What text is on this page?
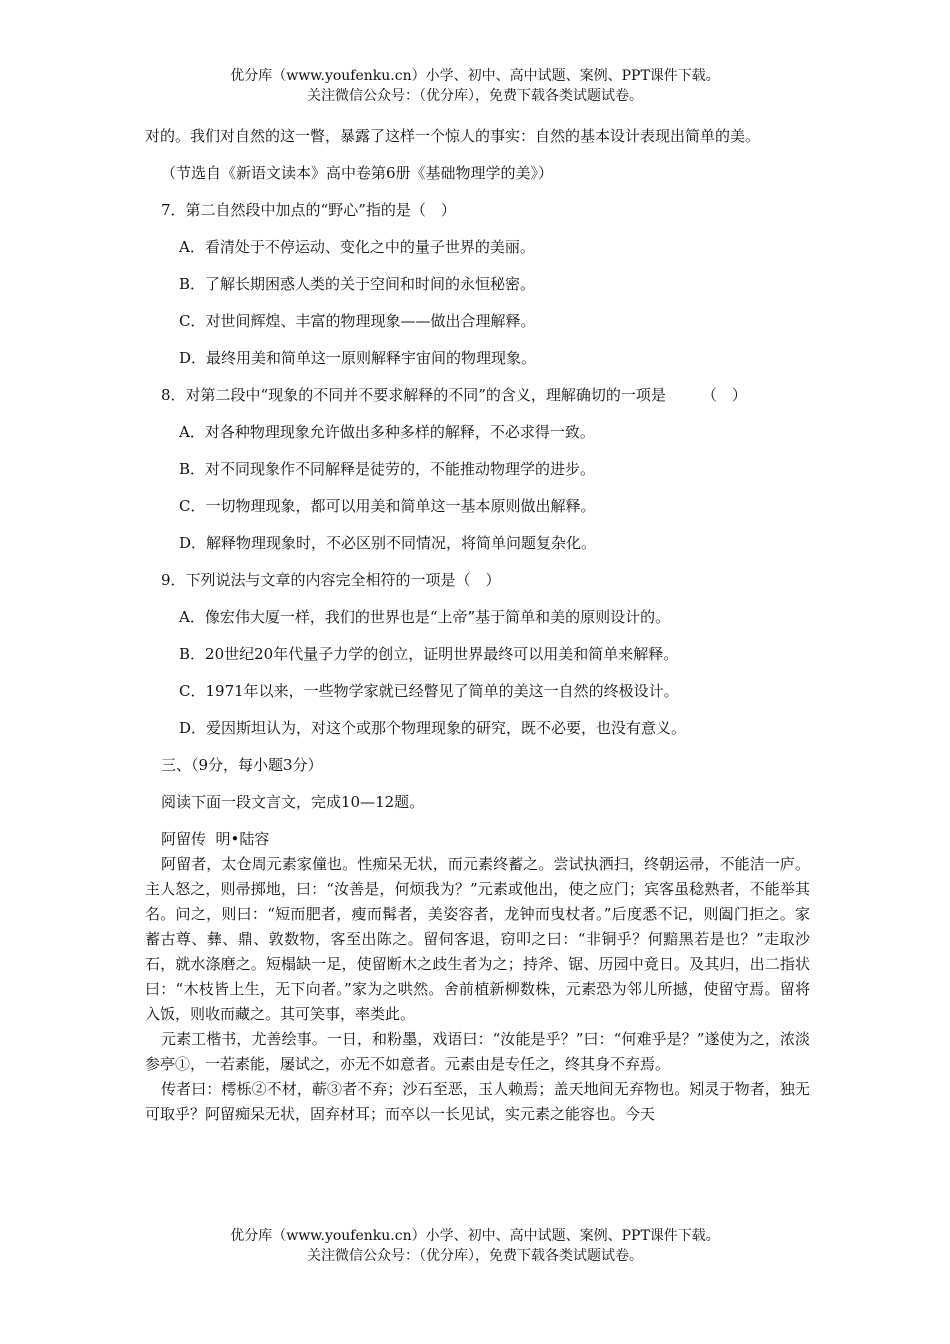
优分库（www.youfenku.cn）小学、初中、高中试题、案例、PPT课件下载。
关注微信公众号：（优分库），免费下载各类试题试卷。

对的。我们对自然的这一瞥，暴露了这样一个惊人的事实：自然的基本设计表现出简单的美。

（节选自《新语文读本》高中卷第6册《基础物理学的美》）

7．第二自然段中加点的“野心”指的是（　）

A．看清处于不停运动、变化之中的量子世界的美丽。

B．了解长期困惑人类的关于空间和时间的永恒秘密。

C．对世间辉煌、丰富的物理现象——做出合理解释。

D．最终用美和简单这一原则解释宇宙间的物理现象。

8．对第二段中“现象的不同并不要求解释的不同”的含义，理解确切的一项是 （　）

A．对各种物理现象允许做出多种多样的解释，不必求得一致。

B．对不同现象作不同解释是徒劳的，不能推动物理学的进步。

C．一切物理现象，都可以用美和简单这一基本原则做出解释。

D．解释物理现象时，不必区别不同情况，将简单问题复杂化。

9．下列说法与文章的内容完全相符的一项是（　）

A．像宏伟大厦一样，我们的世界也是“上帝”基于简单和美的原则设计的。

B．20世纪20年代量子力学的创立，证明世界最终可以用美和简单来解释。

C．1971年以来，一些物学家就已经瞥见了简单的美这一自然的终极设计。

D．爱因斯坦认为，对这个或那个物理现象的研究，既不必要，也没有意义。

三、（9分，每小题3分）

阅读下面一段文言文，完成10—12题。

阿留传  明•陆容

阿留者，太仓周元素家僮也。性痴呆无状，而元素终蓄之。尝试执洒扫，终朝运帚，不能洁一庐。主人怒之，则帚掷地，曰：“汝善是，何烦我为？”元素或他出，使之应门；宾客虽稔熟者，不能举其名。问之，则曰：“短而肥者，瘦而髯者，美姿容者，龙钟而曳杖者。”后度悉不记，则阖门拒之。家蓄古尊、彝、鼎、敦数物，客至出陈之。留伺客退，窃叩之曰：“非铜乎？何黯黑若是也？”走取沙石，就水涤磨之。短榻缺一足，使留断木之歧生者为之；持斧、锯、历园中竟日。及其归，出二指状曰：“木枝皆上生，无下向者。”家为之哄然。舍前植新柳数株，元素恐为邻儿所撼，使留守焉。留将入饭，则收而藏之。其可笑事，率类此。

元素工楷书，尤善绘事。一日，和粉墨，戏语曰：“汝能是乎？”曰：“何难乎是？”遂使为之，浓淡参亭①，一若素能，屡试之，亦无不如意者。元素由是专任之，终其身不弃焉。

传者曰：樗栎②不材，蕲③者不弃；沙石至恶，玉人赖焉；盖天地间无弃物也。矧灵于物者，独无可取乎？阿留痴呆无状，固弃材耳；而卒以一长见试，实元素之能容也。今天

优分库（www.youfenku.cn）小学、初中、高中试题、案例、PPT课件下载。
关注微信公众号：（优分库），免费下载各类试题试卷。
